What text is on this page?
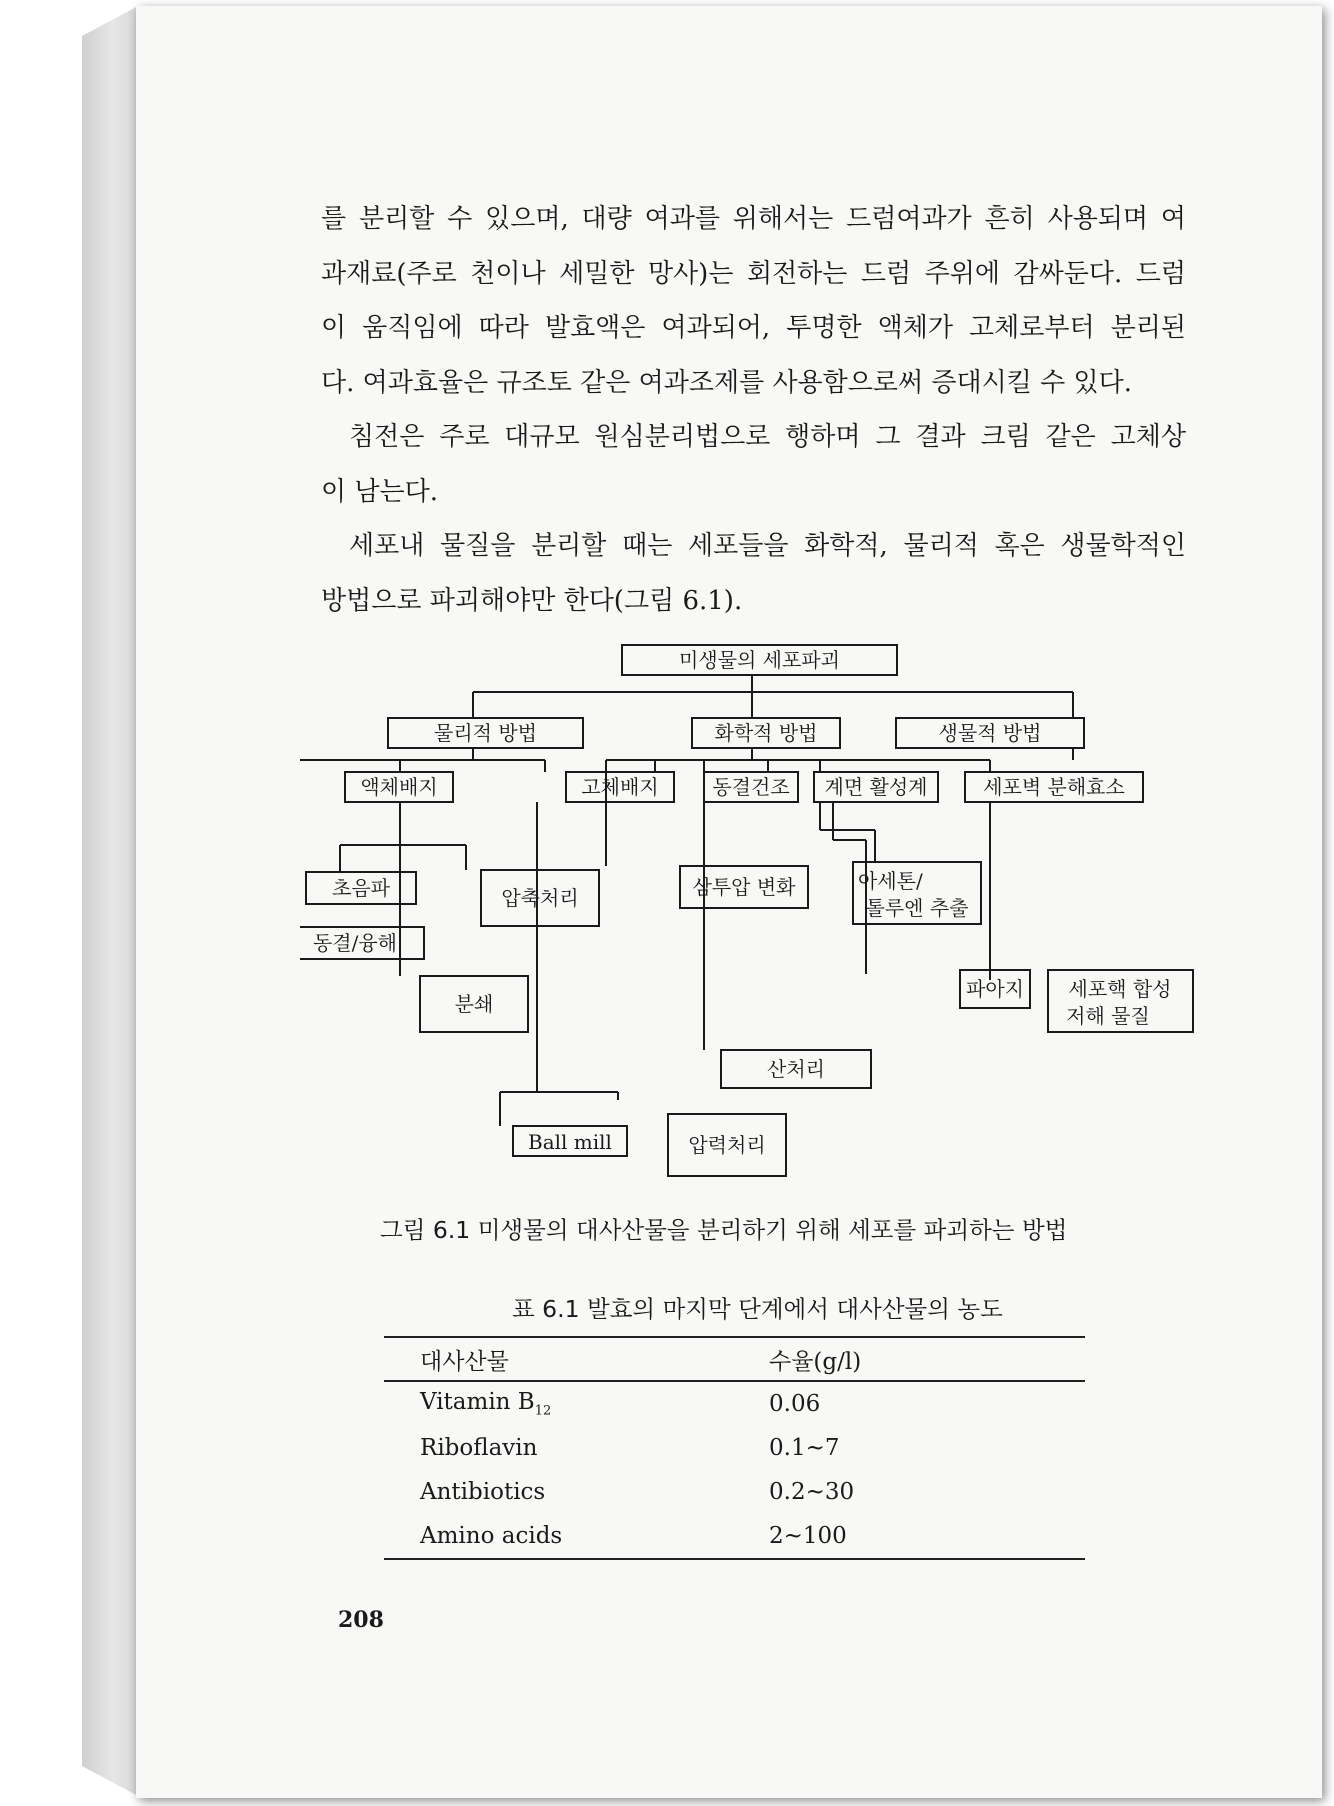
를 분리할 수 있으며, 대량 여과를 위해서는 드럼여과가 흔히 사용되며 여

과재료(주로 천이나 세밀한 망사)는 회전하는 드럼 주위에 감싸둔다. 드럼

이 움직임에 따라 발효액은 여과되어, 투명한 액체가 고체로부터 분리된

다. 여과효율은 규조토 같은 여과조제를 사용함으로써 증대시킬 수 있다.

침전은 주로 대규모 원심분리법으로 행하며 그 결과 크림 같은 고체상

이 남는다.

세포내 물질을 분리할 때는 세포들을 화학적, 물리적 혹은 생물학적인

방법으로 파괴해야만 한다(그림 6.1).

미생물의 세포파괴
물리적 방법	화학적 방법	생물적 방법
액체배지	고체배지	동결건조 계면 활성계	세포벽 분해효소
초음파	압축처리
동결/융해
분쇄
삼투압 변화	아세톤/
톨루엔 추출
파아지 세포핵 합성
저해 물질
산처리
Ball mill	압력처리
그림 6.1 미생물의 대사산물을 분리하기 위해 세포를 파괴하는 방법
표 6.1 발효의 마지막 단계에서 대사산물의 농도
대사산물	수율(g/l)
Vitamin $B_{12}$	0.06
Riboflavin	0.1~7
Antibiotics	0.2~30
Amino acids	2~100
208
